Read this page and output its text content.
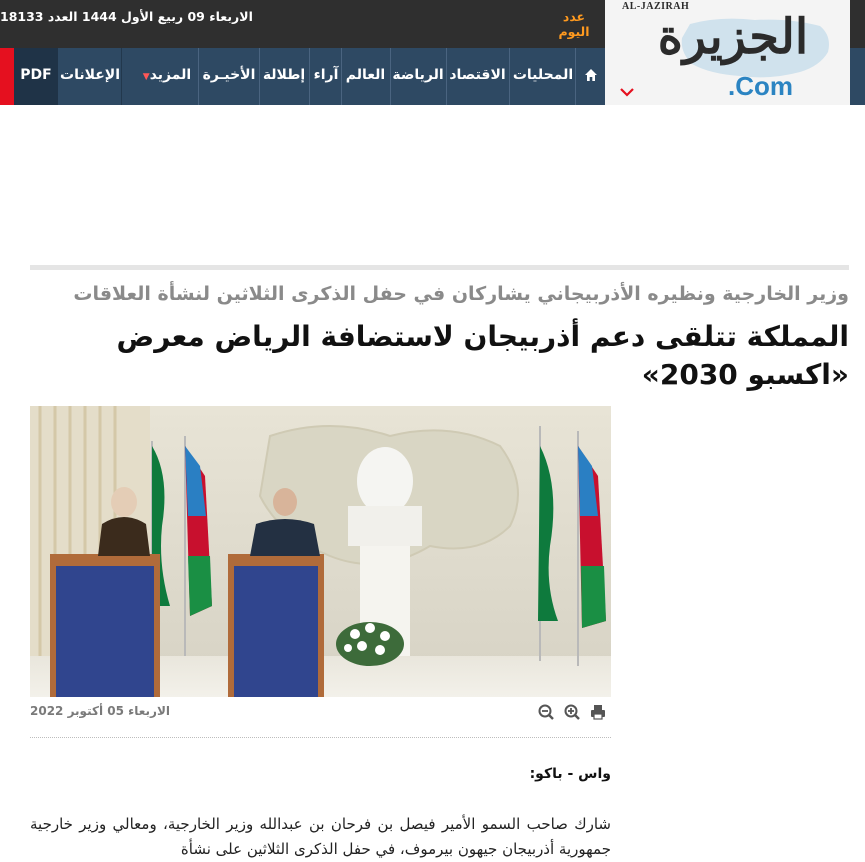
الاربعاء 09 ربيع الأول 1444 العدد 18133	عدد اليوم
PDF الإعلانات	المزيد▼	الأخيـرة إطلالة آراء العالم الرياضة الاقتصاد المحليات
AL-JAZIRAH
الجزيرة
.Com
وزير الخارجية ونظيره الأذربيجاني يشاركان في حفل الذكرى الثلاثين لنشأة العلاقات
المملكة تتلقى دعم أذربيجان لاستضافة الرياض معرض «اكسبو 2030»
الاربعاء 05 أكتوبر 2022
واس - باكو:

شارك صاحب السمو الأمير فيصل بن فرحان بن عبدالله وزير الخارجية، ومعالي وزير خارجية جمهورية أذربيجان جيهون بيرموف، في حفل الذكرى الثلاثين على نشأة
